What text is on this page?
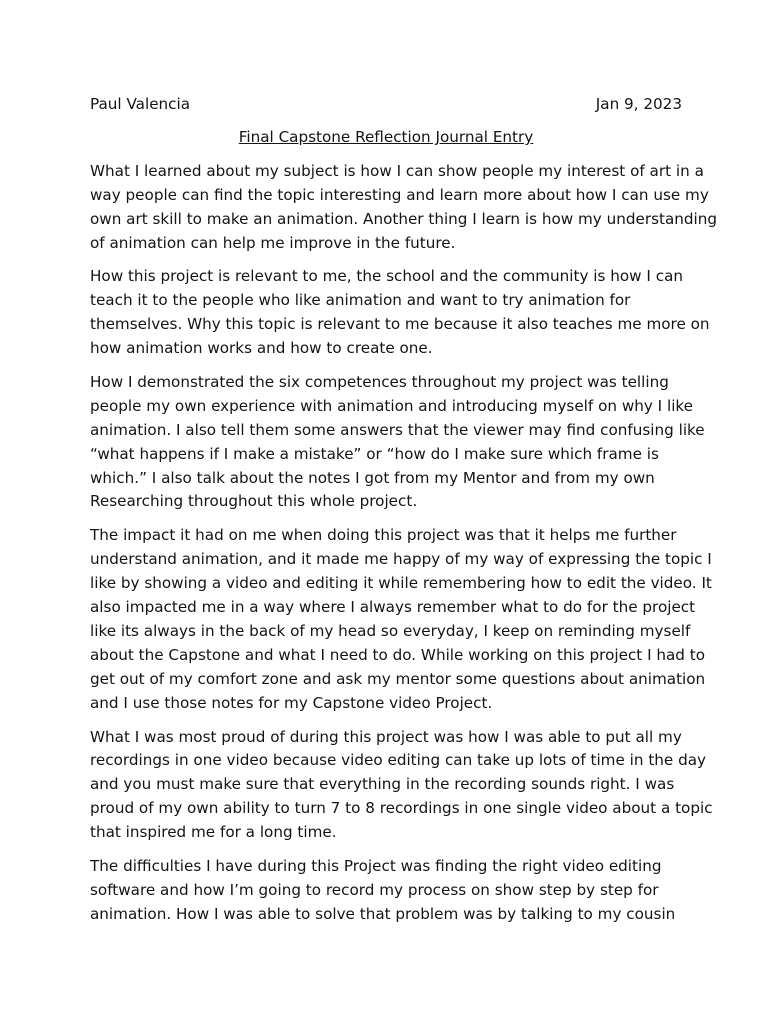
Paul Valencia	Jan 9, 2023
Final Capstone Reflection Journal Entry

What I learned about my subject is how I can show people my interest of art in a
way people can find the topic interesting and learn more about how I can use my
own art skill to make an animation. Another thing I learn is how my understanding
of animation can help me improve in the future.

How this project is relevant to me, the school and the community is how I can
teach it to the people who like animation and want to try animation for
themselves. Why this topic is relevant to me because it also teaches me more on
how animation works and how to create one.

How I demonstrated the six competences throughout my project was telling
people my own experience with animation and introducing myself on why I like
animation. I also tell them some answers that the viewer may find confusing like
“what happens if I make a mistake” or “how do I make sure which frame is
which.” I also talk about the notes I got from my Mentor and from my own
Researching throughout this whole project.

The impact it had on me when doing this project was that it helps me further
understand animation, and it made me happy of my way of expressing the topic I
like by showing a video and editing it while remembering how to edit the video. It
also impacted me in a way where I always remember what to do for the project
like its always in the back of my head so everyday, I keep on reminding myself
about the Capstone and what I need to do. While working on this project I had to
get out of my comfort zone and ask my mentor some questions about animation
and I use those notes for my Capstone video Project.

What I was most proud of during this project was how I was able to put all my
recordings in one video because video editing can take up lots of time in the day
and you must make sure that everything in the recording sounds right. I was
proud of my own ability to turn 7 to 8 recordings in one single video about a topic
that inspired me for a long time.

The difficulties I have during this Project was finding the right video editing
software and how I’m going to record my process on show step by step for
animation. How I was able to solve that problem was by talking to my cousin
